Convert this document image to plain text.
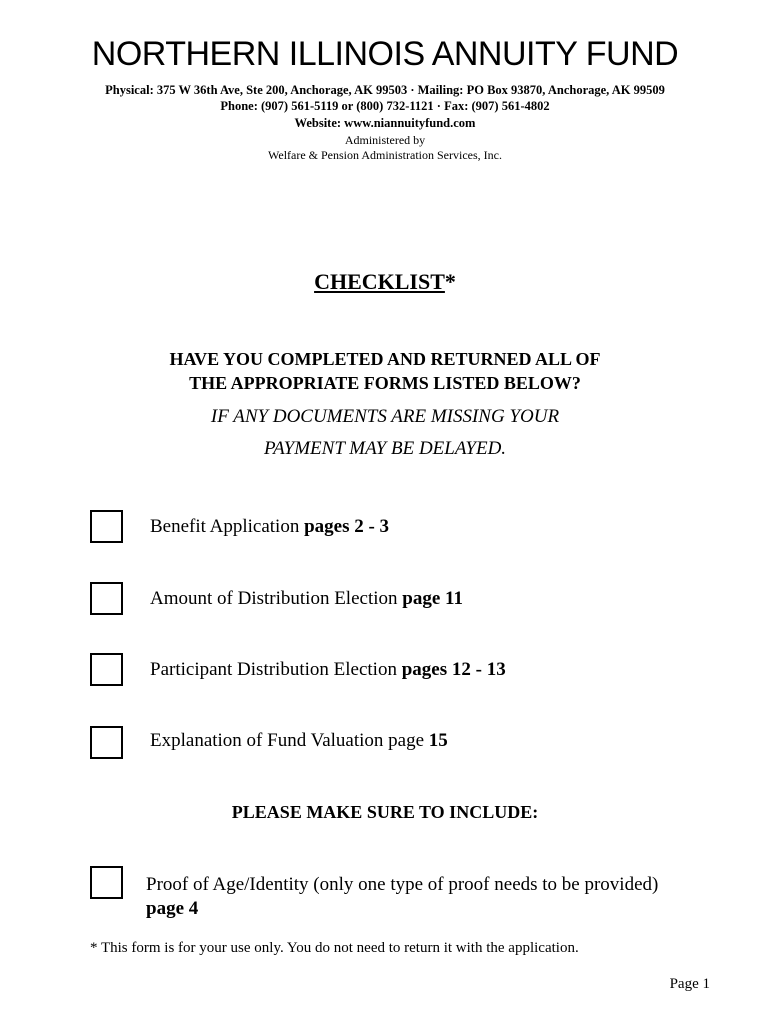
NORTHERN ILLINOIS ANNUITY FUND
Physical: 375 W 36th Ave, Ste 200, Anchorage, AK 99503 · Mailing: PO Box 93870, Anchorage, AK 99509
Phone: (907) 561-5119 or (800) 732-1121 · Fax: (907) 561-4802
Website: www.niannuityfund.com
Administered by
Welfare & Pension Administration Services, Inc.
CHECKLIST*
HAVE YOU COMPLETED AND RETURNED ALL OF
THE APPROPRIATE FORMS LISTED BELOW?
IF ANY DOCUMENTS ARE MISSING YOUR
PAYMENT MAY BE DELAYED.
Benefit Application pages 2 - 3
Amount of Distribution Election page 11
Participant Distribution Election pages 12 - 13
Explanation of Fund Valuation page 15
PLEASE MAKE SURE TO INCLUDE:
Proof of Age/Identity (only one type of proof needs to be provided)
page 4
* This form is for your use only. You do not need to return it with the application.
Page 1
